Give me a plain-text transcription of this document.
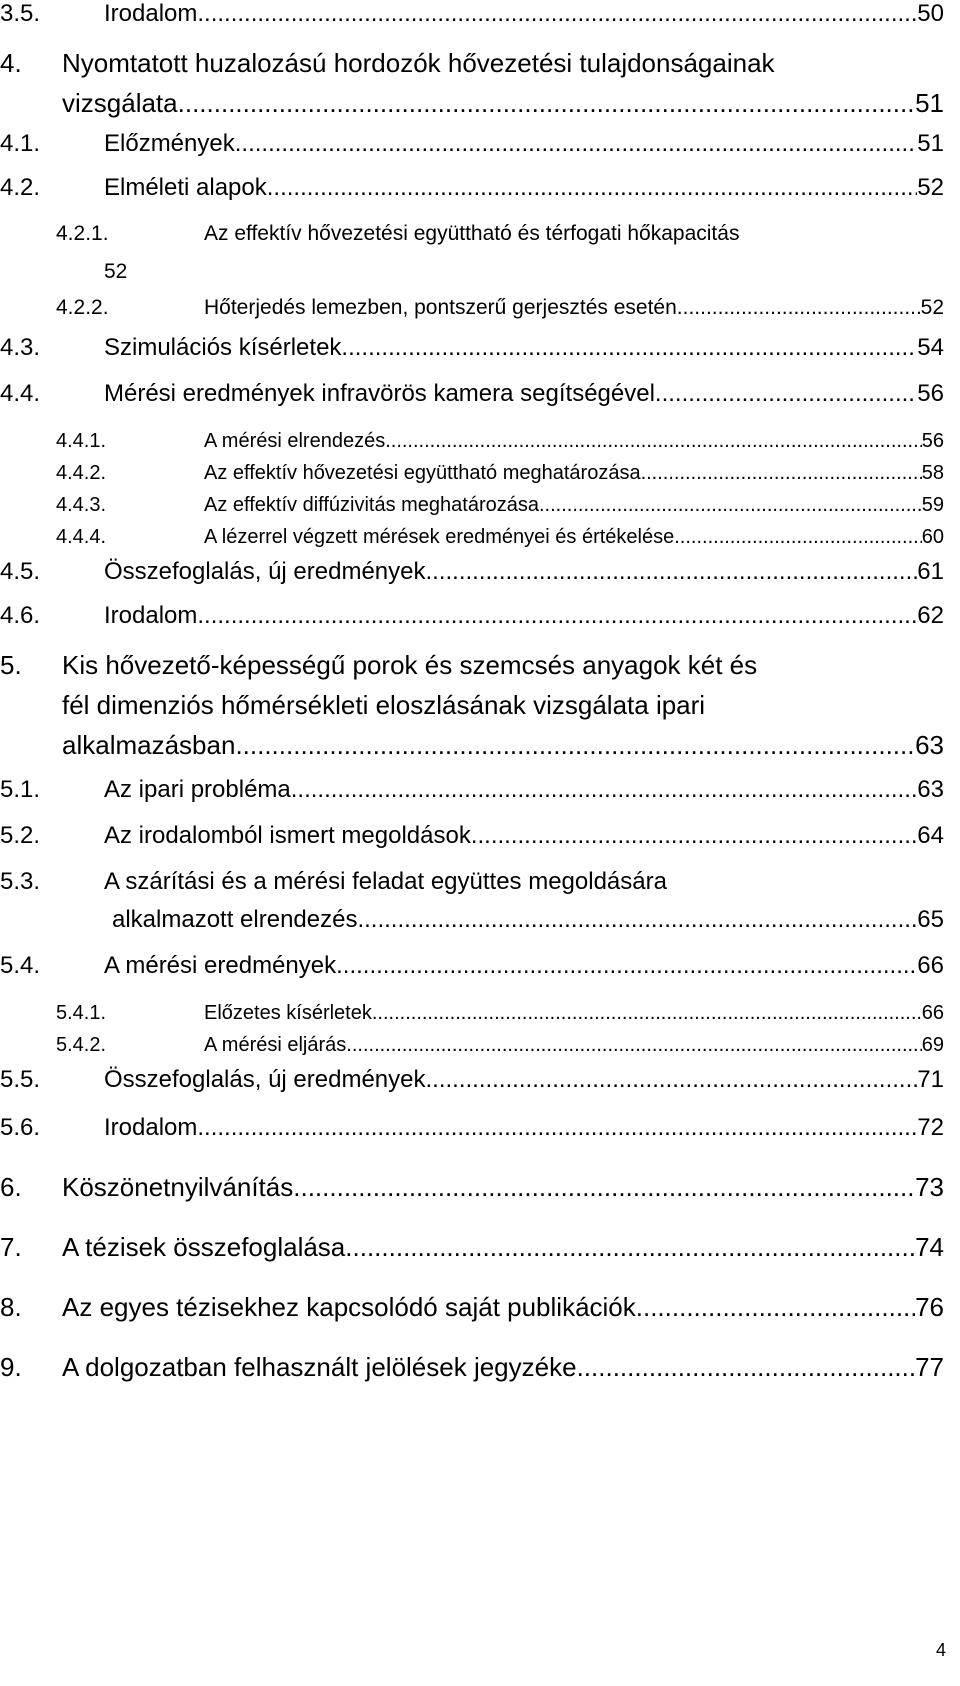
3.5.	Irodalom .....	50
4. Nyomtatott huzalozású hordozók hővezetési tulajdonságainak
vizsgálata .....	51
4.1.	Előzmények .....	51
4.2.	Elméleti alapok .....	52
4.2.1.	Az effektív hővezetési együttható és térfogati hőkapacitás
52
4.2.2.	Hőterjedés lemezben, pontszerű gerjesztés esetén .....	52
4.3.	Szimulációs kísérletek .....	54
4.4.	Mérési eredmények infravörös kamera segítségével .....	56
4.4.1.	A mérési elrendezés .....	56
4.4.2.	Az effektív hővezetési együttható meghatározása .....	58
4.4.3.	Az effektív diffúzivitás meghatározása .....	59
4.4.4.	A lézerrel végzett mérések eredményei és értékelése .....	60
4.5.	Összefoglalás, új eredmények .....	61
4.6.	Irodalom .....	62
5. Kis hővezető-képességű porok és szemcsés anyagok két és
fél dimenziós hőmérsékleti eloszlásának vizsgálata ipari
alkalmazásban .....	63
5.1.	Az ipari probléma .....	63
5.2.	Az irodalomból ismert megoldások .....	64
5.3.	A szárítási és a mérési feladat együttes megoldására
alkalmazott elrendezés .....	65
5.4.	A mérési eredmények .....	66
5.4.1.	Előzetes kísérletek .....	66
5.4.2.	A mérési eljárás .....	69
5.5.	Összefoglalás, új eredmények .....	71
5.6.	Irodalom .....	72
6.	Köszönetnyilvánítás .....	73
7.	A tézisek összefoglalása .....	74
8.	Az egyes tézisekhez kapcsolódó saját publikációk .....	76
9.	A dolgozatban felhasznált jelölések jegyzéke .....	77
4
